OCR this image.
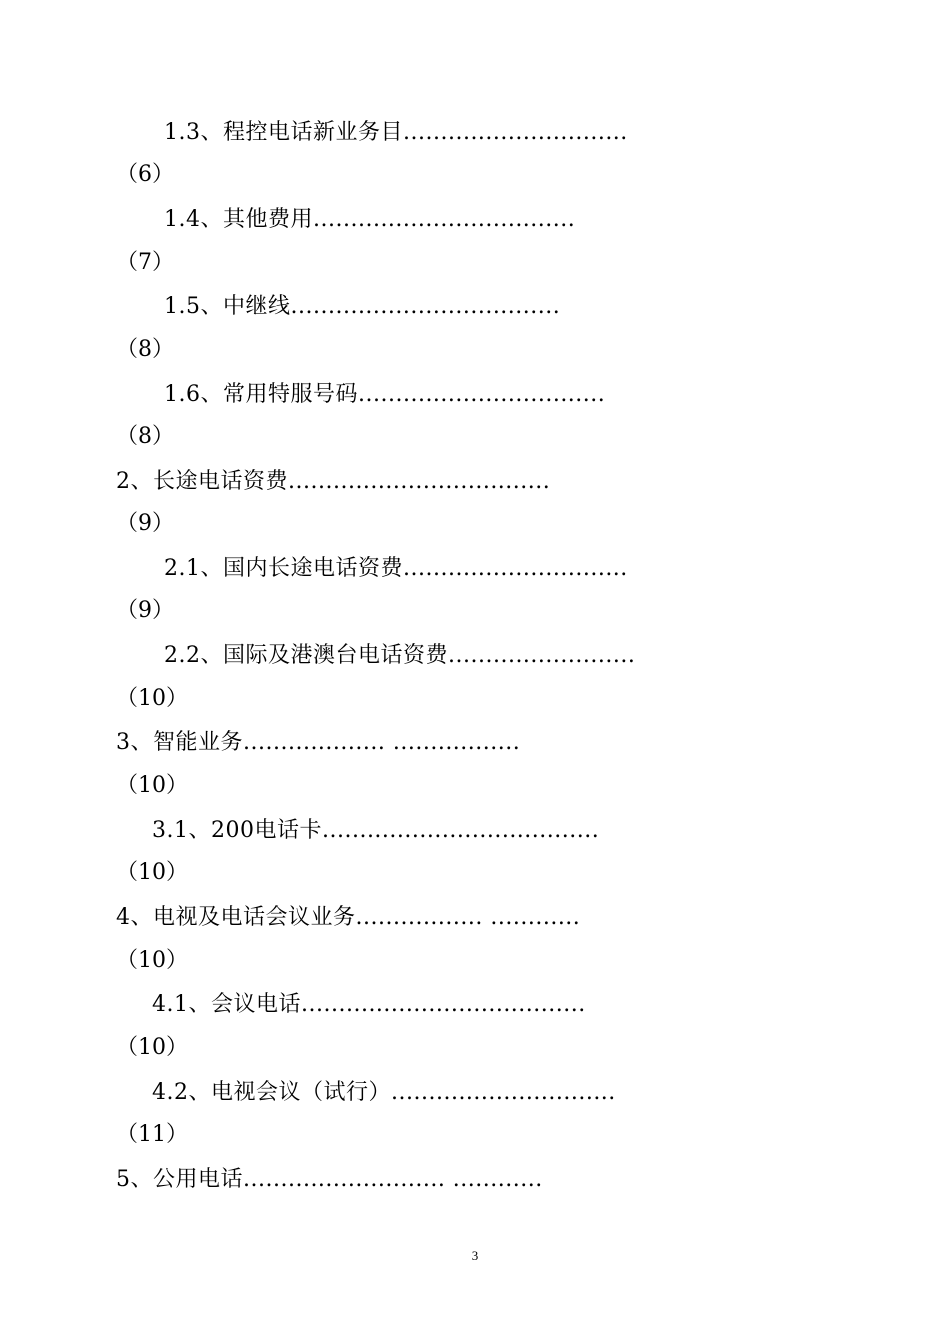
1.3、程控电话新业务目..............................
（6）
1.4、其他费用...................................
（7）
1.5、中继线....................................
（8）
1.6、常用特服号码.................................
（8）
2、长途电话资费...................................
（9）
2.1、国内长途电话资费..............................
（9）
2.2、国际及港澳台电话资费.........................
（10）
3、智能业务................... .................
（10）
3.1、200电话卡.....................................
（10）
4、电视及电话会议业务................. ............
（10）
4.1、会议电话......................................
（10）
4.2、电视会议（试行）..............................
（11）
5、公用电话........................... ............
3
